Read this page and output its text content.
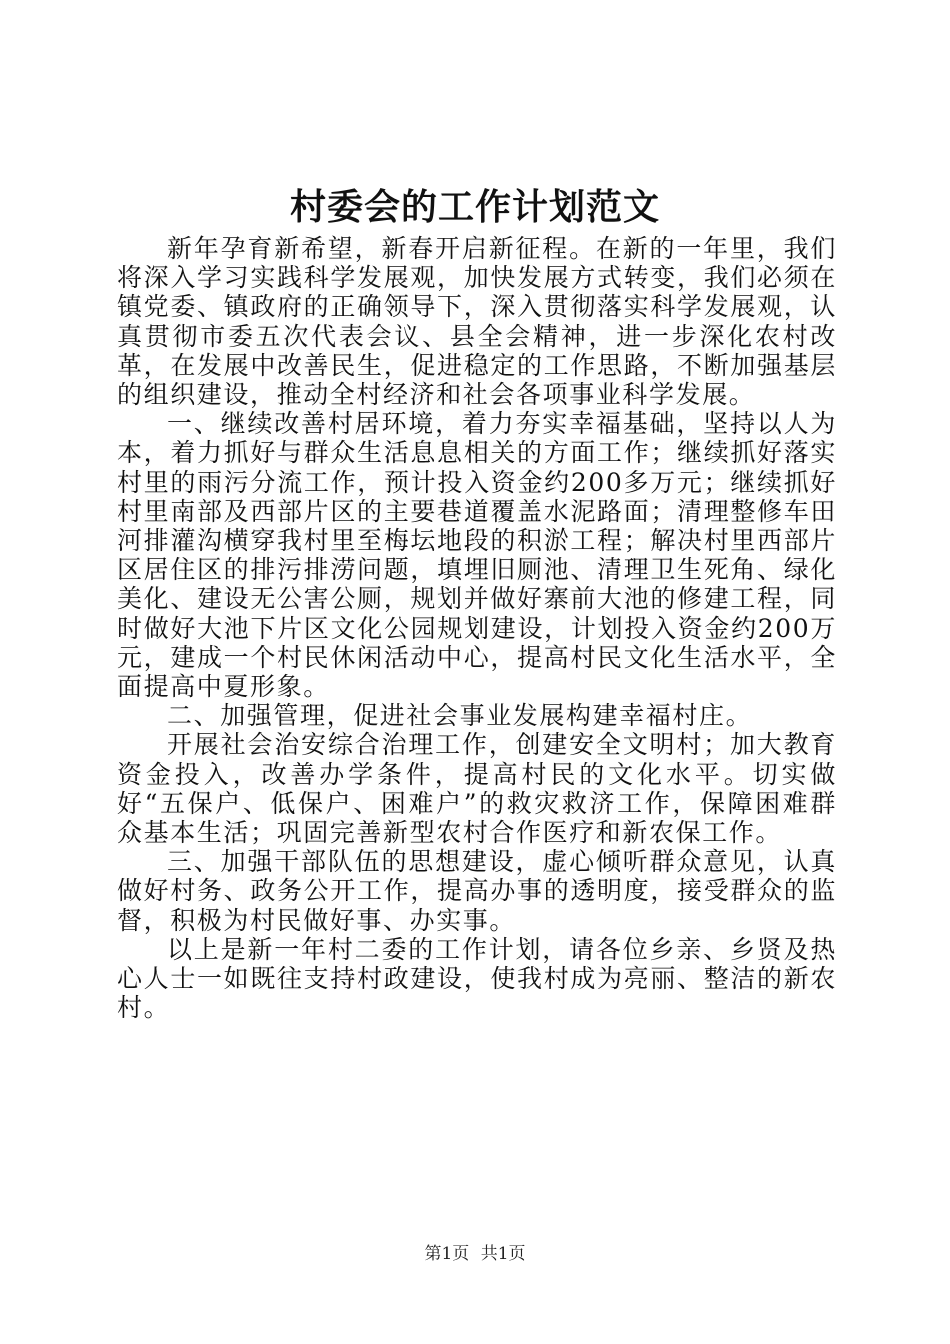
村委会的工作计划范文

新年孕育新希望，新春开启新征程。在新的一年里，我们将深入学习实践科学发展观，加快发展方式转变，我们必须在镇党委、镇政府的正确领导下，深入贯彻落实科学发展观，认真贯彻市委五次代表会议、县全会精神，进一步深化农村改革，在发展中改善民生，促进稳定的工作思路，不断加强基层的组织建设，推动全村经济和社会各项事业科学发展。

一、继续改善村居环境，着力夯实幸福基础，坚持以人为本，着力抓好与群众生活息息相关的方面工作；继续抓好落实村里的雨污分流工作，预计投入资金约200多万元；继续抓好村里南部及西部片区的主要巷道覆盖水泥路面；清理整修车田河排灌沟横穿我村里至梅坛地段的积淤工程；解决村里西部片区居住区的排污排涝问题，填埋旧厕池、清理卫生死角、绿化美化、建设无公害公厕，规划并做好寨前大池的修建工程，同时做好大池下片区文化公园规划建设，计划投入资金约200万元，建成一个村民休闲活动中心，提高村民文化生活水平，全面提高中夏形象。

二、加强管理，促进社会事业发展构建幸福村庄。

开展社会治安综合治理工作，创建安全文明村；加大教育资金投入，改善办学条件，提高村民的文化水平。切实做好“五保户、低保户、困难户”的救灾救济工作，保障困难群众基本生活；巩固完善新型农村合作医疗和新农保工作。

三、加强干部队伍的思想建设，虚心倾听群众意见，认真做好村务、政务公开工作，提高办事的透明度，接受群众的监督，积极为村民做好事、办实事。

以上是新一年村二委的工作计划，请各位乡亲、乡贤及热心人士一如既往支持村政建设，使我村成为亮丽、整洁的新农村。

第1页 共1页
